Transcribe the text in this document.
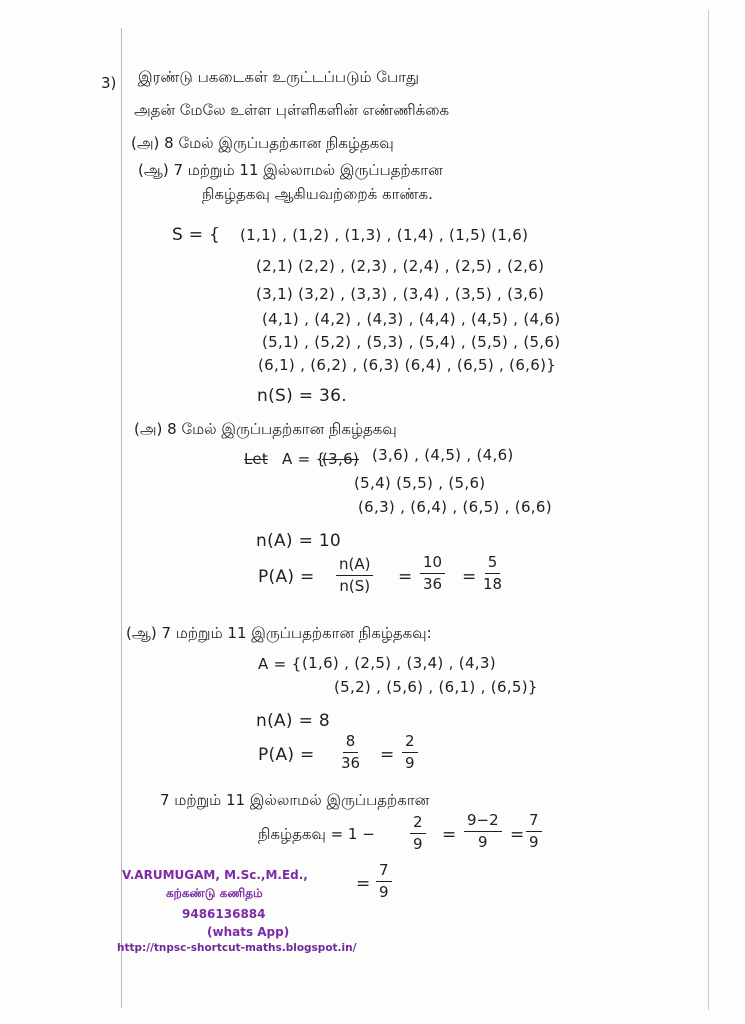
3) இரண்டு பகடைகள் உருட்டப்படும் போது
அதன் மேலே உள்ள புள்ளிகளின் எண்ணிக்கை
(அ) 8 மேல் இருப்பதற்கான நிகழ்தகவு
(ஆ) 7 மற்றும் 11 இல்லாமல் இருப்பதற்கான
நிகழ்தகவு ஆகியவற்றைக் காண்க.
S = { (1,1) , (1,2) , (1,3) , (1,4) , (1,5) (1,6)
(2,1) (2,2) , (2,3) , (2,4) , (2,5) , (2,6)
(3,1) (3,2) , (3,3) , (3,4) , (3,5) , (3,6)
(4,1) , (4,2) , (4,3) , (4,4) , (4,5) , (4,6)
(5,1) , (5,2) , (5,3) , (5,4) , (5,5) , (5,6)
(6,1) , (6,2) , (6,3) (6,4) , (6,5) , (6,6)}
n(S) = 36.
(அ) 8 மேல் இருப்பதற்கான நிகழ்தகவு
Let A = {
(3,6) (3,6) , (4,5) , (4,6)
(5,4) (5,5) , (5,6)
(6,3) , (6,4) , (6,5) , (6,6)
n(A) = 10
$P(A) = \frac{n(A)}{n(S)} = \frac{10}{36} = \frac{5}{18}$
(ஆ) 7 மற்றும் 11 இருப்பதற்கான நிகழ்தகவு:
A = { (1,6) , (2,5) , (3,4) , (4,3)
(5,2) , (5,6) , (6,1) , (6,5)}
n(A) = 8
$P(A) = \frac{8}{36} = \frac{2}{9}$
7 மற்றும் 11 இல்லாமல் இருப்பதற்கான
நிகழ்தகவு = $1 - \frac{2}{9} = \frac{9-2}{9} = \frac{7}{9}$
= $\frac{7}{9}$
V.ARUMUGAM, M.Sc.,M.Ed.,
கற்கண்டு கணிதம்
9486136884
(whats App)
http://tnpsc-shortcut-maths.blogspot.in/
